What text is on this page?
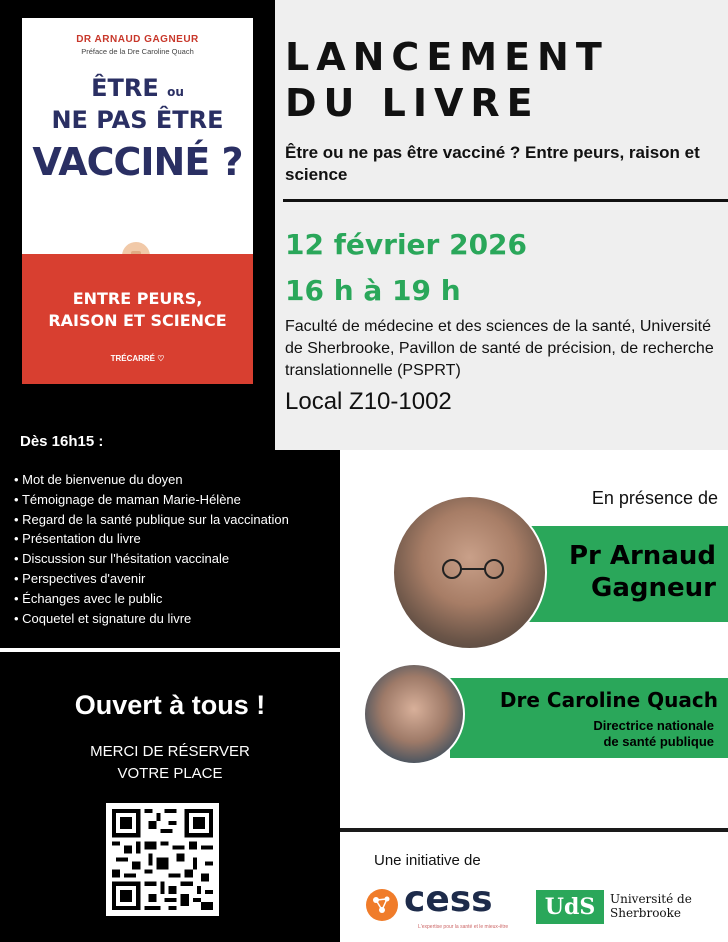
DR ARNAUD GAGNEUR
Préface de la Dre Caroline Quach
ÊTRE ou
NE PAS ÊTRE
VACCINÉ ?
ENTRE PEURS,
RAISON ET SCIENCE
TRÉCARRÉ ♡
LANCEMENT
DU LIVRE
Être ou ne pas être vacciné ? Entre peurs, raison et science
12 février 2026
16 h à 19 h
Faculté de médecine et des sciences de la santé, Université de Sherbrooke, Pavillon de santé de précision, de recherche translationnelle (PSPRT)
Local Z10-1002
Dès 16h15 :
• Mot de bienvenue du doyen
• Témoignage de maman Marie-Hélène
• Regard de la santé publique sur la vaccination
• Présentation du livre
• Discussion sur l'hésitation vaccinale
• Perspectives d'avenir
• Échanges avec le public
• Coquetel et signature du livre
Ouvert à tous !
MERCI DE RÉSERVER
VOTRE PLACE
En présence de
Pr Arnaud
Gagneur
Dre Caroline Quach
Directrice nationale
de santé publique
Une initiative de
cess
L'expertise pour la santé et le mieux-être
UdS	Université de
Sherbrooke
